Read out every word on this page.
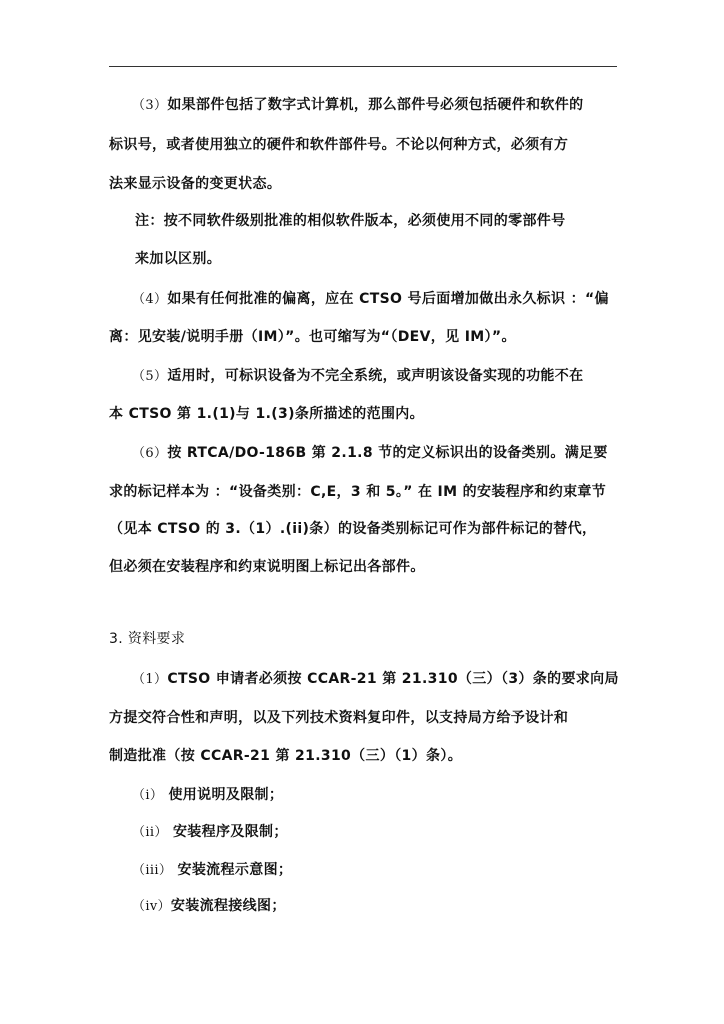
（3）如果部件包括了数字式计算机，那么部件号必须包括硬件和软件的
标识号，或者使用独立的硬件和软件部件号。不论以何种方式，必须有方
法来显示设备的变更状态。
注：按不同软件级别批准的相似软件版本，必须使用不同的零部件号
来加以区别。
（4）如果有任何批准的偏离，应在 CTSO 号后面增加做出永久标识 ：“偏
离：见安装/说明手册（IM）”。也可缩写为“（DEV，见 IM）”。
（5）适用时，可标识设备为不完全系统，或声明该设备实现的功能不在
本 CTSO 第 1.(1)与 1.(3)条所描述的范围内。
（6）按 RTCA/DO-186B 第 2.1.8 节的定义标识出的设备类别。满足要
求的标记样本为 ：“设备类别：C,E，3 和 5。” 在 IM 的安装程序和约束章节
（见本 CTSO 的 3.（1）.(ii)条）的设备类别标记可作为部件标记的替代，
但必须在安装程序和约束说明图上标记出各部件。
3. 资料要求
（1）CTSO 申请者必须按 CCAR-21 第 21.310（三）（3）条的要求向局
方提交符合性和声明，以及下列技术资料复印件，以支持局方给予设计和
制造批准（按 CCAR-21 第 21.310（三）（1）条）。
（i） 使用说明及限制；
（ii） 安装程序及限制；
（iii） 安装流程示意图；
（iv）安装流程接线图；
